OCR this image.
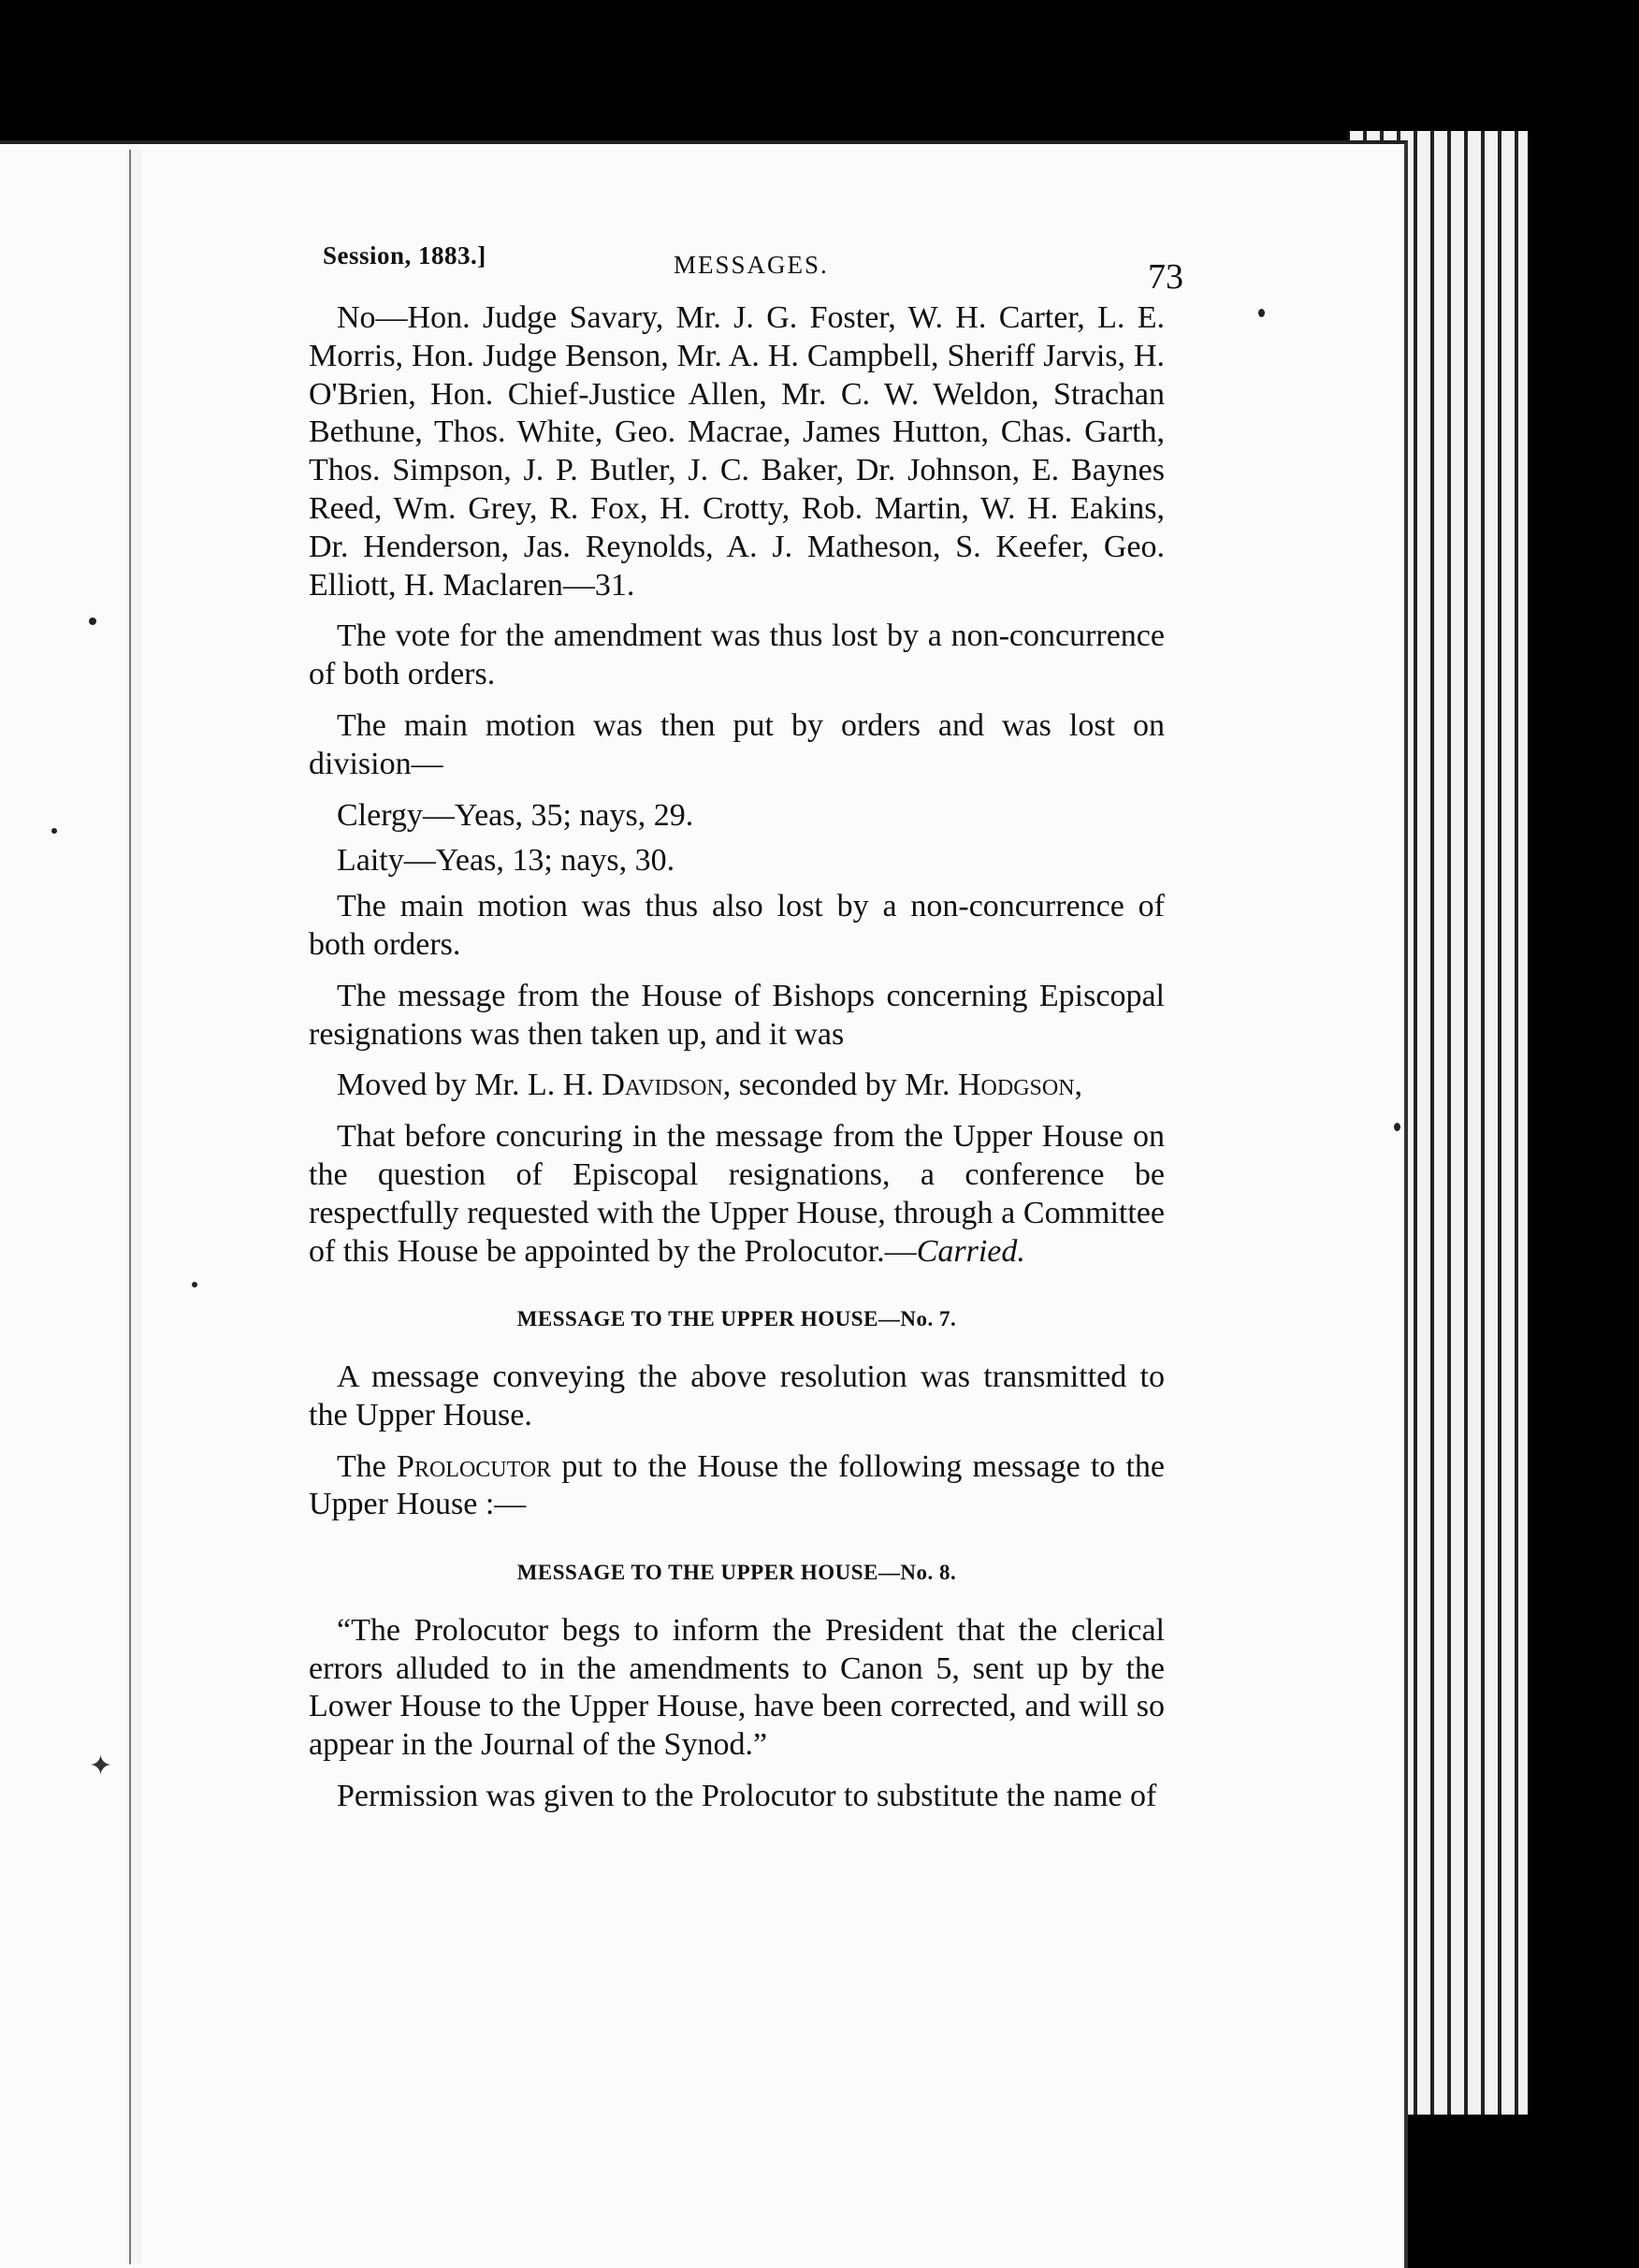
Session, 1883.]	MESSAGES.	73

No—Hon. Judge Savary, Mr. J. G. Foster, W. H. Carter, L. E. Morris, Hon. Judge Benson, Mr. A. H. Campbell, Sheriff Jarvis, H. O'Brien, Hon. Chief-Justice Allen, Mr. C. W. Weldon, Strachan Bethune, Thos. White, Geo. Macrae, James Hutton, Chas. Garth, Thos. Simpson, J. P. Butler, J. C. Baker, Dr. Johnson, E. Baynes Reed, Wm. Grey, R. Fox, H. Crotty, Rob. Martin, W. H. Eakins, Dr. Henderson, Jas. Reynolds, A. J. Matheson, S. Keefer, Geo. Elliott, H. Maclaren—31.

The vote for the amendment was thus lost by a non-concurrence of both orders.

The main motion was then put by orders and was lost on division—

Clergy—Yeas, 35; nays, 29.

Laity—Yeas, 13; nays, 30.

The main motion was thus also lost by a non-concurrence of both orders.

The message from the House of Bishops concerning Episcopal resignations was then taken up, and it was

Moved by Mr. L. H. Davidson, seconded by Mr. Hodgson,

That before concuring in the message from the Upper House on the question of Episcopal resignations, a conference be respectfully requested with the Upper House, through a Committee of this House be appointed by the Prolocutor.—Carried.

MESSAGE TO THE UPPER HOUSE—No. 7.

A message conveying the above resolution was transmitted to the Upper House.

The Prolocutor put to the House the following message to the Upper House :—

MESSAGE TO THE UPPER HOUSE—No. 8.

“The Prolocutor begs to inform the President that the clerical errors alluded to in the amendments to Canon 5, sent up by the Lower House to the Upper House, have been corrected, and will so appear in the Journal of the Synod.”

Permission was given to the Prolocutor to substitute the name of

✦
